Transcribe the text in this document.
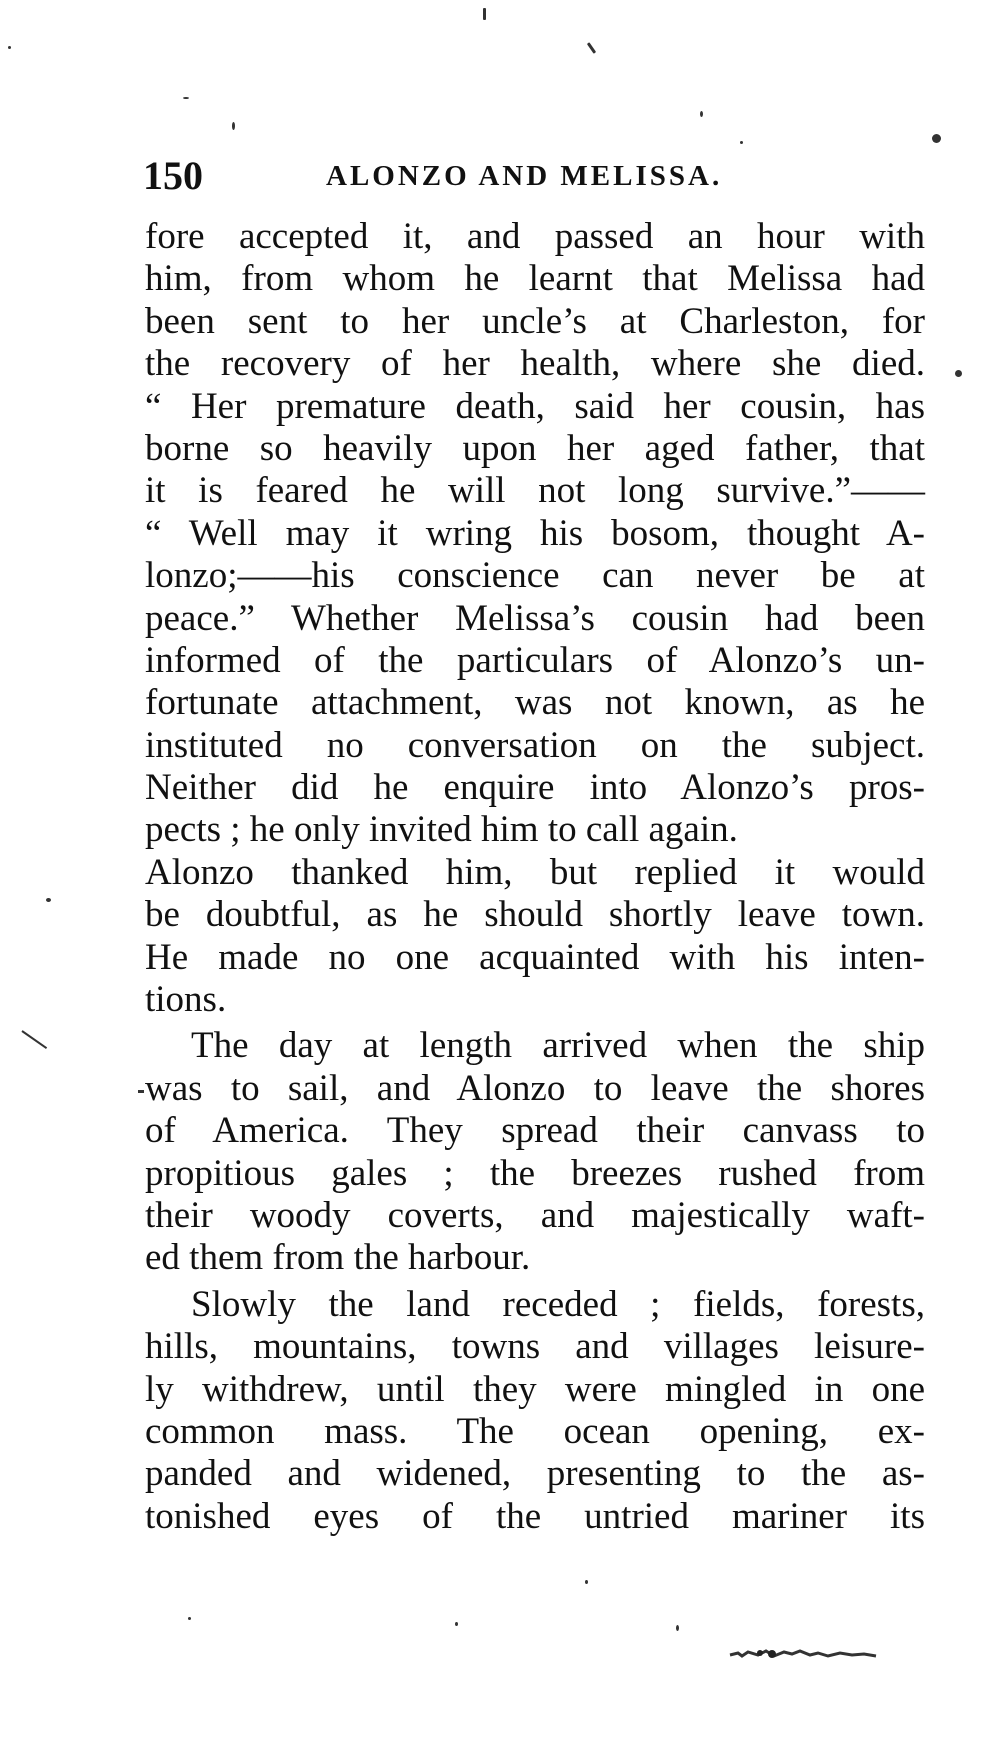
150	ALONZO AND MELISSA.
fore accepted it, and passed an hour with
him, from whom he learnt that Melissa had
been sent to her uncle’s at Charleston, for
the recovery of her health, where she died.
“ Her premature death, said her cousin, has
borne so heavily upon her aged father, that
it is feared he will not long survive.”——
“ Well may it wring his bosom, thought A-
lonzo;——his conscience can never be at
peace.” Whether Melissa’s cousin had been
informed of the particulars of Alonzo’s un-
fortunate attachment, was not known, as he
instituted no conversation on the subject.
Neither did he enquire into Alonzo’s pros-
pects ; he only invited him to call again.
Alonzo thanked him, but replied it would
be doubtful, as he should shortly leave town.
He made no one acquainted with his inten-
tions.
The day at length arrived when the ship
was to sail, and Alonzo to leave the shores
of America. They spread their canvass to
propitious gales ; the breezes rushed from
their woody coverts, and majestically waft-
ed them from the harbour.
Slowly the land receded ; fields, forests,
hills, mountains, towns and villages leisure-
ly withdrew, until they were mingled in one
common mass. The ocean opening, ex-
panded and widened, presenting to the as-
tonished eyes of the untried mariner its
